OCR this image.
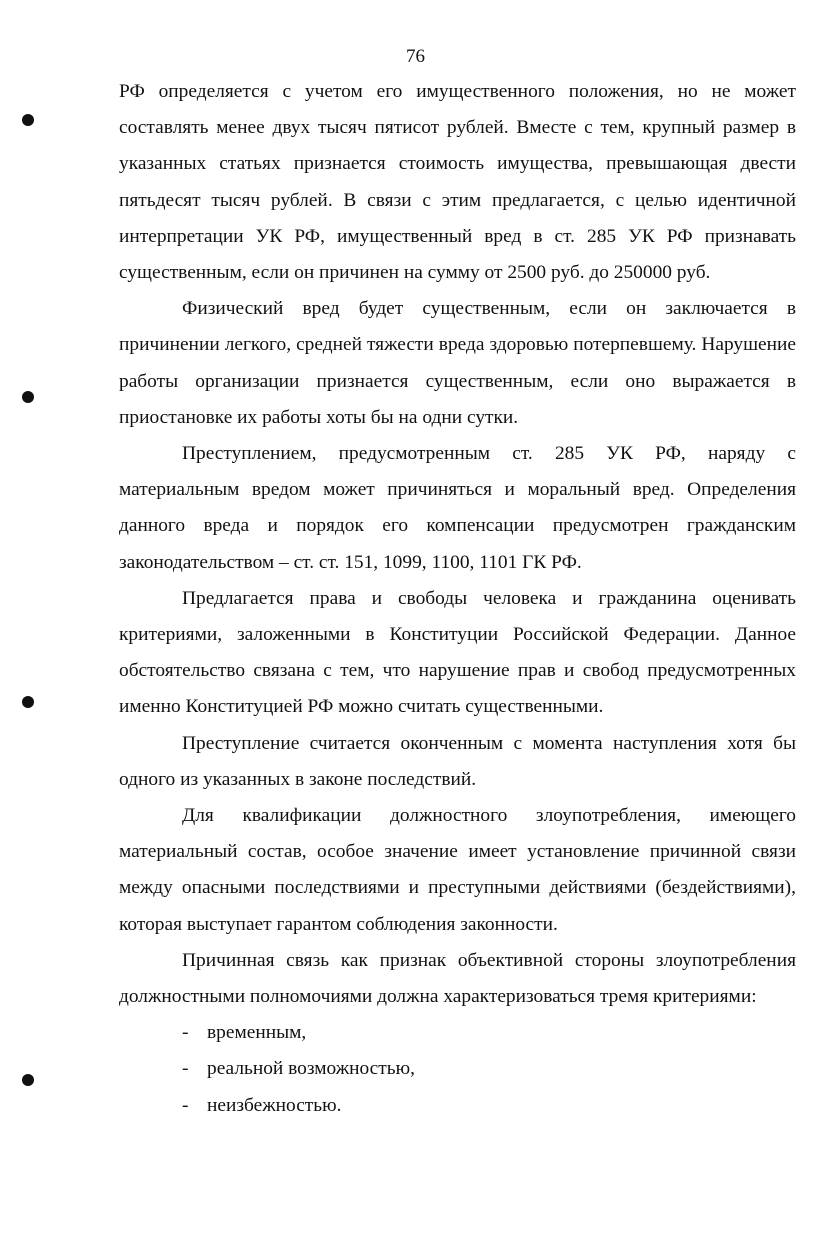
76

РФ определяется с учетом его имущественного положения, но не может составлять менее двух тысяч пятисот рублей. Вместе с тем, крупный размер в указанных статьях признается стоимость имущества, превышающая двести пятьдесят тысяч рублей. В связи с этим предлагается, с целью идентичной интерпретации УК РФ, имущественный вред в ст. 285 УК РФ признавать существенным, если он причинен на сумму от 2500 руб. до 250000 руб.

Физический вред будет существенным, если он заключается в причинении легкого, средней тяжести вреда здоровью потерпевшему. Нарушение работы организации признается существенным, если оно выражается в приостановке их работы хоты бы на одни сутки.

Преступлением, предусмотренным ст. 285 УК РФ, наряду с материальным вредом может причиняться и моральный вред. Определения данного вреда и порядок его компенсации предусмотрен гражданским законодательством – ст. ст. 151, 1099, 1100, 1101 ГК РФ.

Предлагается права и свободы человека и гражданина оценивать критериями, заложенными в Конституции Российской Федерации. Данное обстоятельство связана с тем, что нарушение прав и свобод предусмотренных именно Конституцией РФ можно считать существенными.

Преступление считается оконченным с момента наступления хотя бы одного из указанных в законе последствий.

Для квалификации должностного злоупотребления, имеющего материальный состав, особое значение имеет установление причинной связи между опасными последствиями и преступными действиями (бездействиями), которая выступает гарантом соблюдения законности.

Причинная связь как признак объективной стороны злоупотребления должностными полномочиями должна характеризоваться тремя критериями:

- временным,
- реальной возможностью,
- неизбежностью.
